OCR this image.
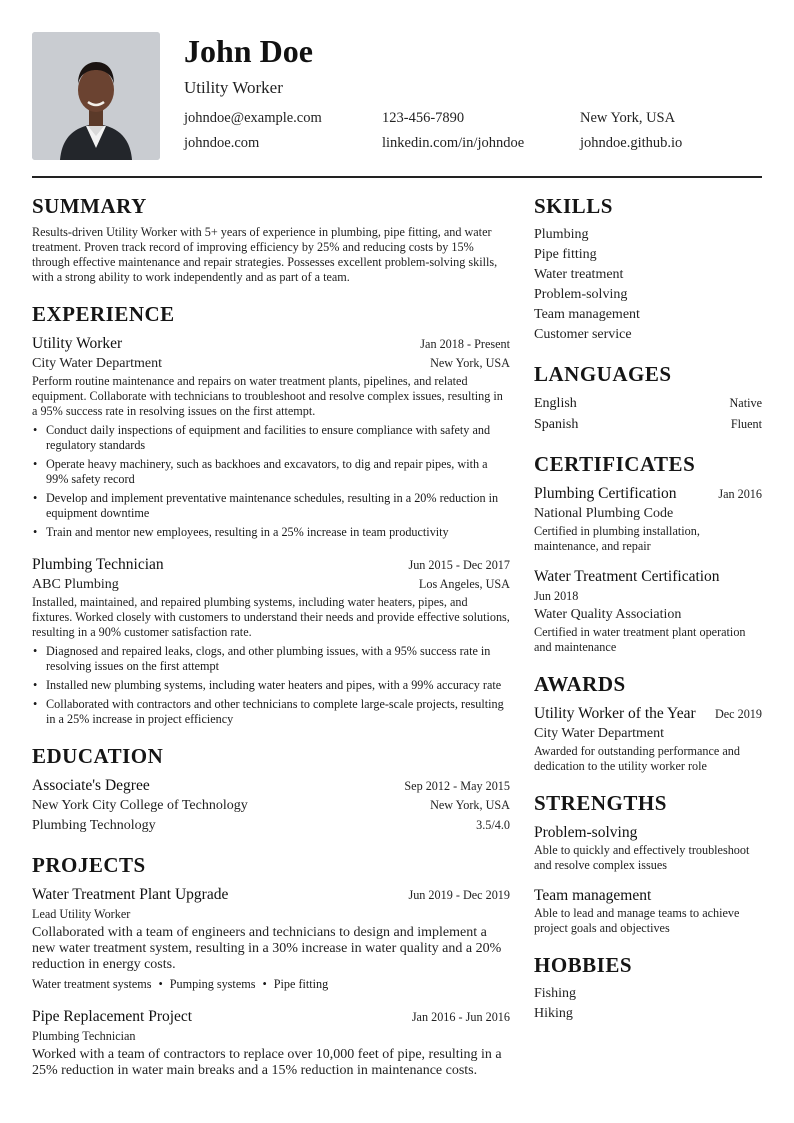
John Doe
Utility Worker
johndoe@example.com	123-456-7890	New York, USA
johndoe.com	linkedin.com/in/johndoe	johndoe.github.io
SUMMARY
Results-driven Utility Worker with 5+ years of experience in plumbing, pipe fitting, and water treatment. Proven track record of improving efficiency by 25% and reducing costs by 15% through effective maintenance and repair strategies. Possesses excellent problem-solving skills, with a strong ability to work independently and as part of a team.
EXPERIENCE
Utility Worker	Jan 2018 - Present
City Water Department	New York, USA
Perform routine maintenance and repairs on water treatment plants, pipelines, and related equipment. Collaborate with technicians to troubleshoot and resolve complex issues, resulting in a 95% success rate in resolving issues on the first attempt.
• Conduct daily inspections of equipment and facilities to ensure compliance with safety and regulatory standards
• Operate heavy machinery, such as backhoes and excavators, to dig and repair pipes, with a 99% safety record
• Develop and implement preventative maintenance schedules, resulting in a 20% reduction in equipment downtime
• Train and mentor new employees, resulting in a 25% increase in team productivity
Plumbing Technician	Jun 2015 - Dec 2017
ABC Plumbing	Los Angeles, USA
Installed, maintained, and repaired plumbing systems, including water heaters, pipes, and fixtures. Worked closely with customers to understand their needs and provide effective solutions, resulting in a 90% customer satisfaction rate.
• Diagnosed and repaired leaks, clogs, and other plumbing issues, with a 95% success rate in resolving issues on the first attempt
• Installed new plumbing systems, including water heaters and pipes, with a 99% accuracy rate
• Collaborated with contractors and other technicians to complete large-scale projects, resulting in a 25% increase in project efficiency
EDUCATION
Associate's Degree	Sep 2012 - May 2015
New York City College of Technology	New York, USA
Plumbing Technology	3.5/4.0
PROJECTS
Water Treatment Plant Upgrade	Jun 2019 - Dec 2019
Lead Utility Worker
Collaborated with a team of engineers and technicians to design and implement a new water treatment system, resulting in a 30% increase in water quality and a 20% reduction in energy costs.
Water treatment systems • Pumping systems • Pipe fitting
Pipe Replacement Project	Jan 2016 - Jun 2016
Plumbing Technician
Worked with a team of contractors to replace over 10,000 feet of pipe, resulting in a 25% reduction in water main breaks and a 15% reduction in maintenance costs.
SKILLS
Plumbing
Pipe fitting
Water treatment
Problem-solving
Team management
Customer service
LANGUAGES
English	Native
Spanish	Fluent
CERTIFICATES
Plumbing Certification	Jan 2016
National Plumbing Code
Certified in plumbing installation, maintenance, and repair
Water Treatment Certification
Jun 2018
Water Quality Association
Certified in water treatment plant operation and maintenance
AWARDS
Utility Worker of the Year Dec 2019
City Water Department
Awarded for outstanding performance and dedication to the utility worker role
STRENGTHS
Problem-solving
Able to quickly and effectively troubleshoot and resolve complex issues
Team management
Able to lead and manage teams to achieve project goals and objectives
HOBBIES
Fishing
Hiking
